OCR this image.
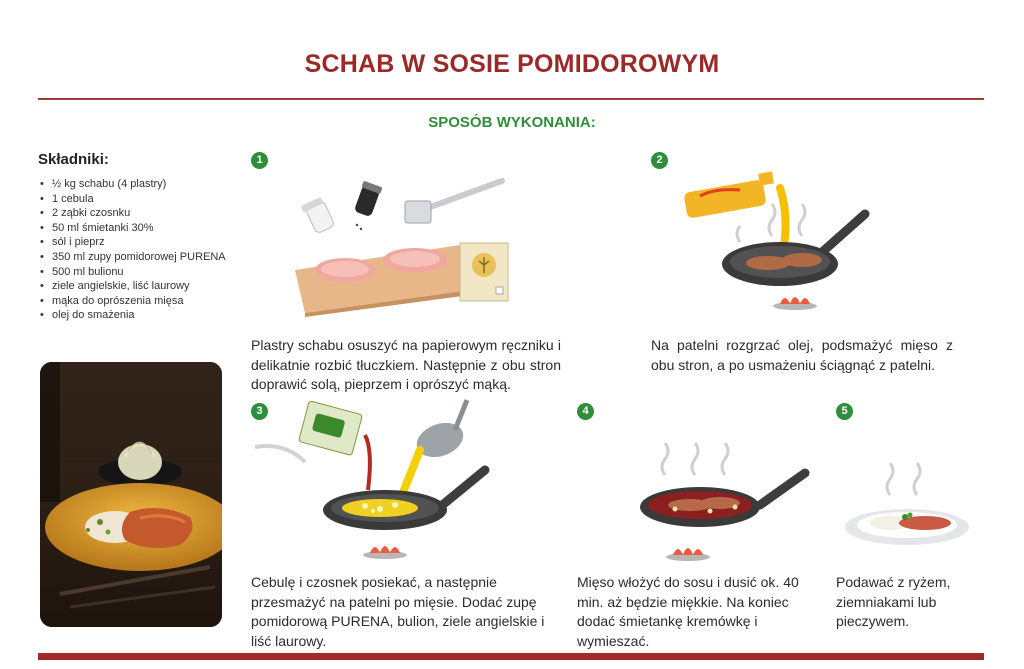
SCHAB W SOSIE POMIDOROWYM
SPOSÓB WYKONANIA:
Składniki:
• ½ kg schabu (4 plastry)
• 1 cebula
• 2 ząbki czosnku
• 50 ml śmietanki 30%
• sól i pieprz
• 350 ml zupy pomidorowej PURENA
• 500 ml bulionu
• ziele angielskie, liść laurowy
• mąka do oprószenia mięsa
• olej do smażenia
1	2
3	4	5
Plastry schabu osuszyć na papierowym ręczniku i delikatnie rozbić tłuczkiem. Następnie z obu stron doprawić solą, pieprzem i oprószyć mąką.
Na patelni rozgrzać olej, podsmażyć mięso z obu stron, a po usmażeniu ściągnąć z patelni.
Cebulę i czosnek posiekać, a następnie przesmażyć na patelni po mięsie. Dodać zupę pomidorową PURENA, bulion, ziele angielskie i liść laurowy.
Mięso włożyć do sosu i dusić ok. 40 min. aż będzie miękkie. Na koniec dodać śmietankę kremówkę i wymieszać.
Podawać z ryżem, ziemniakami lub pieczywem.
